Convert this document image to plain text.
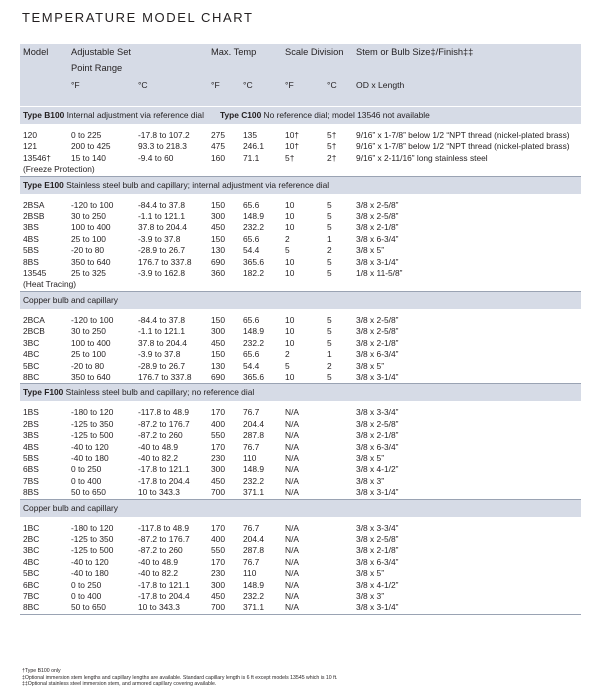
TEMPERATURE MODEL CHART
Model	Adjustable Set		Max. Temp		Scale Division		Stem or Bulb Size‡/Finish‡‡
	Point Range						
	°F	°C	°F	°C	°F	°C	OD x Length

Type B100 Internal adjustment via reference dial Type C100 No reference dial; model 13546 not available							

120	0 to 225	-17.8 to 107.2	275	135	10†	5†	9/16” x 1-7/8” below 1/2 “NPT thread (nickel-plated brass)
121	200 to 425	93.3 to 218.3	475	246.1	10†	5†	9/16” x 1-7/8” below 1/2 “NPT thread (nickel-plated brass)
13546†	15 to 140	-9.4 to 60	160	71.1	5†	2†	9/16” x 2-11/16” long stainless steel
(Freeze Protection)							
Type E100 Stainless steel bulb and capillary; internal adjustment via reference dial							

2BSA	-120 to 100	-84.4 to 37.8	150	65.6	10	5	3/8 x 2-5/8”
2BSB	30 to 250	-1.1 to 121.1	300	148.9	10	5	3/8 x 2-5/8”
3BS	100 to 400	37.8 to 204.4	450	232.2	10	5	3/8 x 2-1/8”
4BS	25 to 100	-3.9 to 37.8	150	65.6	2	1	3/8 x 6-3/4”
5BS	-20 to 80	-28.9 to 26.7	130	54.4	5	2	3/8 x 5”
8BS	350 to 640	176.7 to 337.8	690	365.6	10	5	3/8 x 3-1/4”
13545	25 to 325	-3.9 to 162.8	360	182.2	10	5	1/8 x 11-5/8”
(Heat Tracing)							
Copper bulb and capillary							

2BCA	-120 to 100	-84.4 to 37.8	150	65.6	10	5	3/8 x 2-5/8”
2BCB	30 to 250	-1.1 to 121.1	300	148.9	10	5	3/8 x 2-5/8”
3BC	100 to 400	37.8 to 204.4	450	232.2	10	5	3/8 x 2-1/8”
4BC	25 to 100	-3.9 to 37.8	150	65.6	2	1	3/8 x 6-3/4”
5BC	-20 to 80	-28.9 to 26.7	130	54.4	5	2	3/8 x 5”
8BC	350 to 640	176.7 to 337.8	690	365.6	10	5	3/8 x 3-1/4”
Type F100 Stainless steel bulb and capillary; no reference dial							

1BS	-180 to 120	-117.8 to 48.9	170	76.7	N/A		3/8 x 3-3/4”
2BS	-125 to 350	-87.2 to 176.7	400	204.4	N/A		3/8 x 2-5/8”
3BS	-125 to 500	-87.2 to 260	550	287.8	N/A		3/8 x 2-1/8”
4BS	-40 to 120	-40 to 48.9	170	76.7	N/A		3/8 x 6-3/4”
5BS	-40 to 180	-40 to 82.2	230	110	N/A		3/8 x 5”
6BS	0 to 250	-17.8 to 121.1	300	148.9	N/A		3/8 x 4-1/2”
7BS	0 to 400	-17.8 to 204.4	450	232.2	N/A		3/8 x 3”
8BS	50 to 650	10 to 343.3	700	371.1	N/A		3/8 x 3-1/4”
Copper bulb and capillary							

1BC	-180 to 120	-117.8 to 48.9	170	76.7	N/A		3/8 x 3-3/4”
2BC	-125 to 350	-87.2 to 176.7	400	204.4	N/A		3/8 x 2-5/8”
3BC	-125 to 500	-87.2 to 260	550	287.8	N/A		3/8 x 2-1/8”
4BC	-40 to 120	-40 to 48.9	170	76.7	N/A		3/8 x 6-3/4”
5BC	-40 to 180	-40 to 82.2	230	110	N/A		3/8 x 5”
6BC	0 to 250	-17.8 to 121.1	300	148.9	N/A		3/8 x 4-1/2”
7BC	0 to 400	-17.8 to 204.4	450	232.2	N/A		3/8 x 3”
8BC	50 to 650	10 to 343.3	700	371.1	N/A		3/8 x 3-1/4”
†Type B100 only
‡Optional immersion stem lengths and capillary lengths are available. Standard capillary length is 6 ft except models 13545 which is 10 ft.
‡‡Optional stainless steel immersion stem, and armored capillary covering available.
